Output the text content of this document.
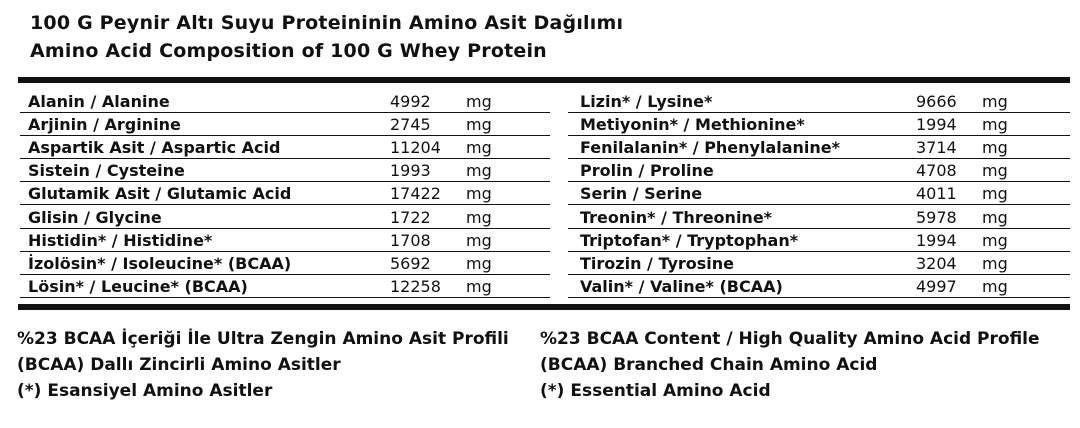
100 G Peynir Altı Suyu Proteininin Amino Asit Dağılımı
Amino Acid Composition of 100 G Whey Protein
Alanin / Alanine	4992 mg	Lizin* / Lysine*	9666 mg
Arjinin / Arginine	2745 mg	Metiyonin* / Methionine*	1994 mg
Aspartik Asit / Aspartic Acid	11204 mg	Fenilalanin* / Phenylalanine*	3714 mg
Sistein / Cysteine	1993 mg	Prolin / Proline	4708 mg
Glutamik Asit / Glutamic Acid	17422 mg	Serin / Serine	4011 mg
Glisin / Glycine	1722 mg	Treonin* / Threonine*	5978 mg
Histidin* / Histidine*	1708 mg	Triptofan* / Tryptophan*	1994 mg
İzolösin* / Isoleucine* (BCAA)	5692 mg	Tirozin / Tyrosine	3204 mg
Lösin* / Leucine* (BCAA)	12258 mg	Valin* / Valine* (BCAA)	4997 mg
%23 BCAA İçeriği İle Ultra Zengin Amino Asit Profili
(BCAA) Dallı Zincirli Amino Asitler
(*) Esansiyel Amino Asitler
%23 BCAA Content / High Quality Amino Acid Profile
(BCAA) Branched Chain Amino Acid
(*) Essential Amino Acid
